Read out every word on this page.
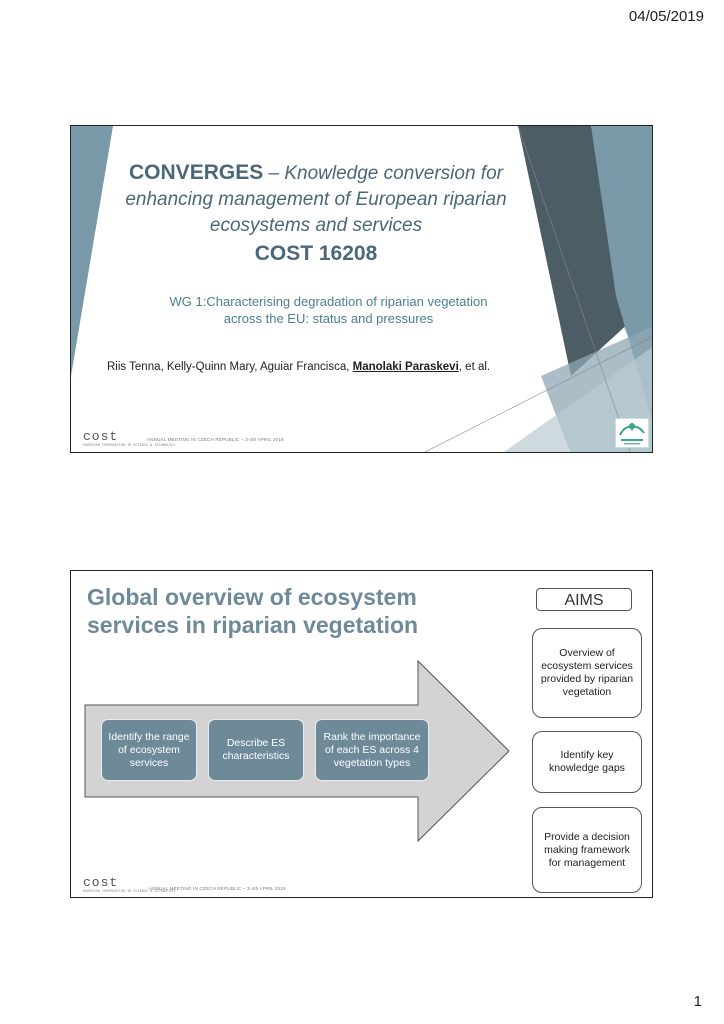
04/05/2019
CONVERGES – Knowledge conversion for enhancing management of European riparian ecosystems and services
COST 16208
WG 1:Characterising degradation of riparian vegetation across the EU: status and pressures
Riis Tenna, Kelly-Quinn Mary, Aguiar Francisca, Manolaki Paraskevi, et al.
cost
EUROPEAN COOPERATION IN SCIENCE & TECHNOLOGY
ANNUAL MEETING IN CZECH REPUBLIC – 3-4th APRIL 2019
Global overview of ecosystem services in riparian vegetation
Identify the range of ecosystem services
Describe ES characteristics
Rank the importance of each ES across 4 vegetation types
AIMS
Overview of ecosystem services provided by riparian vegetation
Identify key knowledge gaps
Provide a decision making framework for management
cost
EUROPEAN COOPERATION IN SCIENCE & TECHNOLOGY
ANNUAL MEETING IN CZECH REPUBLIC – 3-4th APRIL 2019
1
